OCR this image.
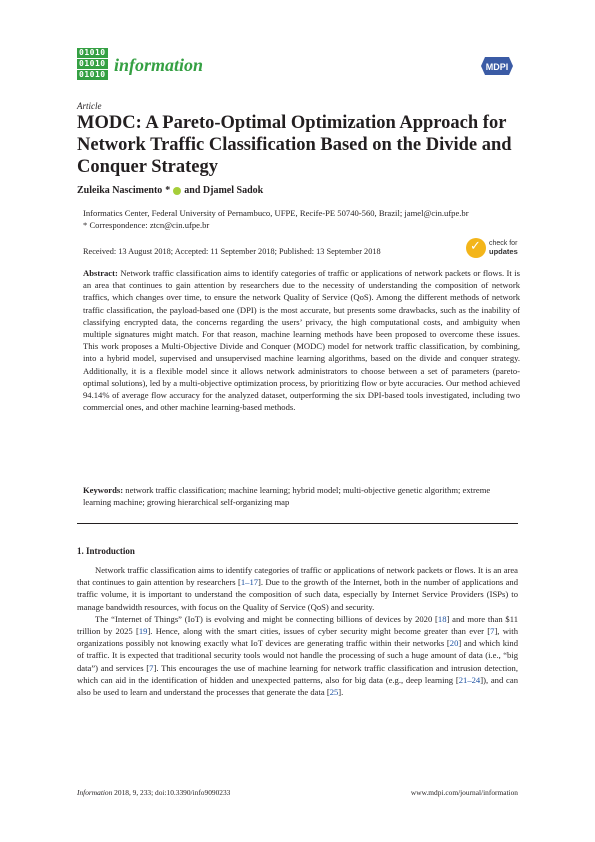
01010
01010
01010 information	MDPI
Article
MODC: A Pareto-Optimal Optimization Approach for Network Traffic Classification Based on the Divide and Conquer Strategy
Zuleika Nascimento * and Djamel Sadok
Informatics Center, Federal University of Pernambuco, UFPE, Recife-PE 50740-560, Brazil; jamel@cin.ufpe.br
* Correspondence: ztcn@cin.ufpe.br
Received: 13 August 2018; Accepted: 11 September 2018; Published: 13 September 2018
✓
check for
updates
Abstract: Network traffic classification aims to identify categories of traffic or applications of network packets or flows. It is an area that continues to gain attention by researchers due to the necessity of understanding the composition of network traffics, which changes over time, to ensure the network Quality of Service (QoS). Among the different methods of network traffic classification, the payload-based one (DPI) is the most accurate, but presents some drawbacks, such as the inability of classifying encrypted data, the concerns regarding the users’ privacy, the high computational costs, and ambiguity when multiple signatures might match. For that reason, machine learning methods have been proposed to overcome these issues. This work proposes a Multi-Objective Divide and Conquer (MODC) model for network traffic classification, by combining, into a hybrid model, supervised and unsupervised machine learning algorithms, based on the divide and conquer strategy. Additionally, it is a flexible model since it allows network administrators to choose between a set of parameters (pareto-optimal solutions), led by a multi-objective optimization process, by prioritizing flow or byte accuracies. Our method achieved 94.14% of average flow accuracy for the analyzed dataset, outperforming the six DPI-based tools investigated, including two commercial ones, and other machine learning-based methods.
Keywords: network traffic classification; machine learning; hybrid model; multi-objective genetic algorithm; extreme learning machine; growing hierarchical self-organizing map
1. Introduction

Network traffic classification aims to identify categories of traffic or applications of network packets or flows. It is an area that continues to gain attention by researchers [1–17]. Due to the growth of the Internet, both in the number of applications and traffic volume, it is important to understand the composition of such data, especially by Internet Service Providers (ISPs) to manage bandwidth resources, with focus on the Quality of Service (QoS) and security.

The “Internet of Things” (IoT) is evolving and might be connecting billions of devices by 2020 [18] and more than $11 trillion by 2025 [19]. Hence, along with the smart cities, issues of cyber security might become greater than ever [7], with organizations possibly not knowing exactly what IoT devices are generating traffic within their networks [20] and which kind of traffic. It is expected that traditional security tools would not handle the processing of such a huge amount of data (i.e., “big data”) and services [7]. This encourages the use of machine learning for network traffic classification and intrusion detection, which can aid in the identification of hidden and unexpected patterns, also for big data (e.g., deep learning [21–24]), and can also be used to learn and understand the processes that generate the data [25].

Information 2018, 9, 233; doi:10.3390/info9090233	www.mdpi.com/journal/information
